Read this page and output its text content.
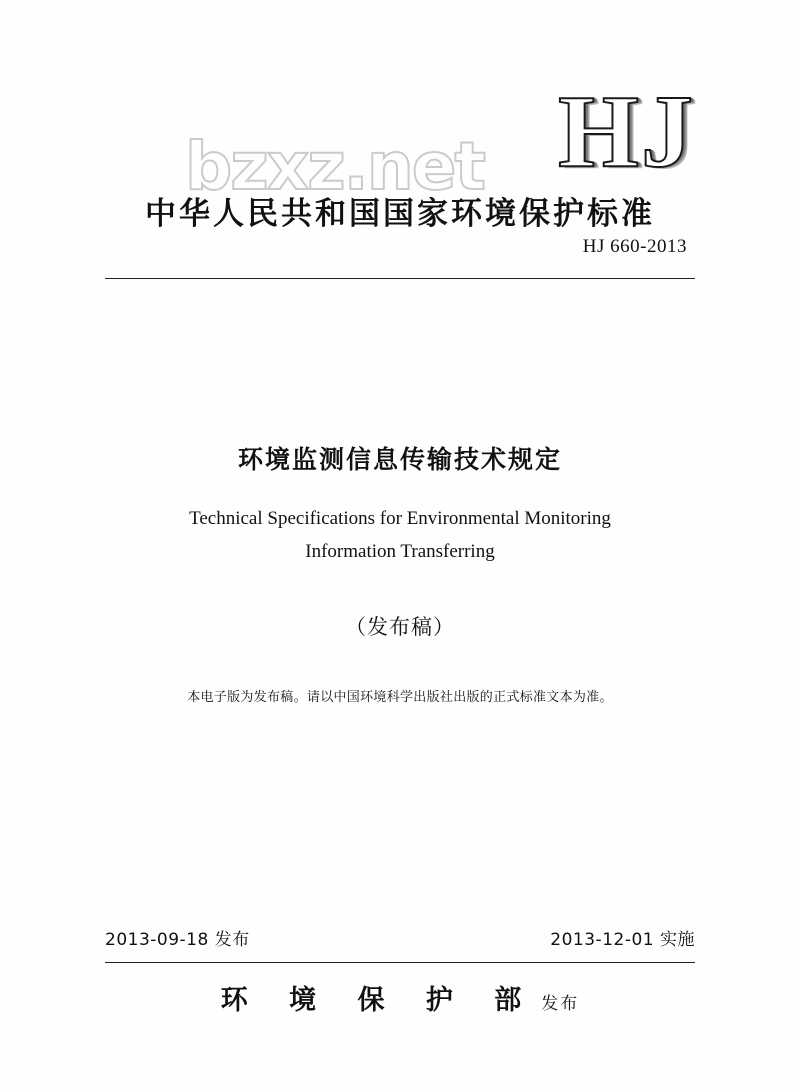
HJ
中华人民共和国国家环境保护标准
HJ 660-2013
bzxz.net
环境监测信息传输技术规定
Technical Specifications for Environmental Monitoring
Information Transferring
（发布稿）
本电子版为发布稿。请以中国环境科学出版社出版的正式标准文本为准。
2013-09-18 发布	2013-12-01 实施
环 境 保 护 部 发布
